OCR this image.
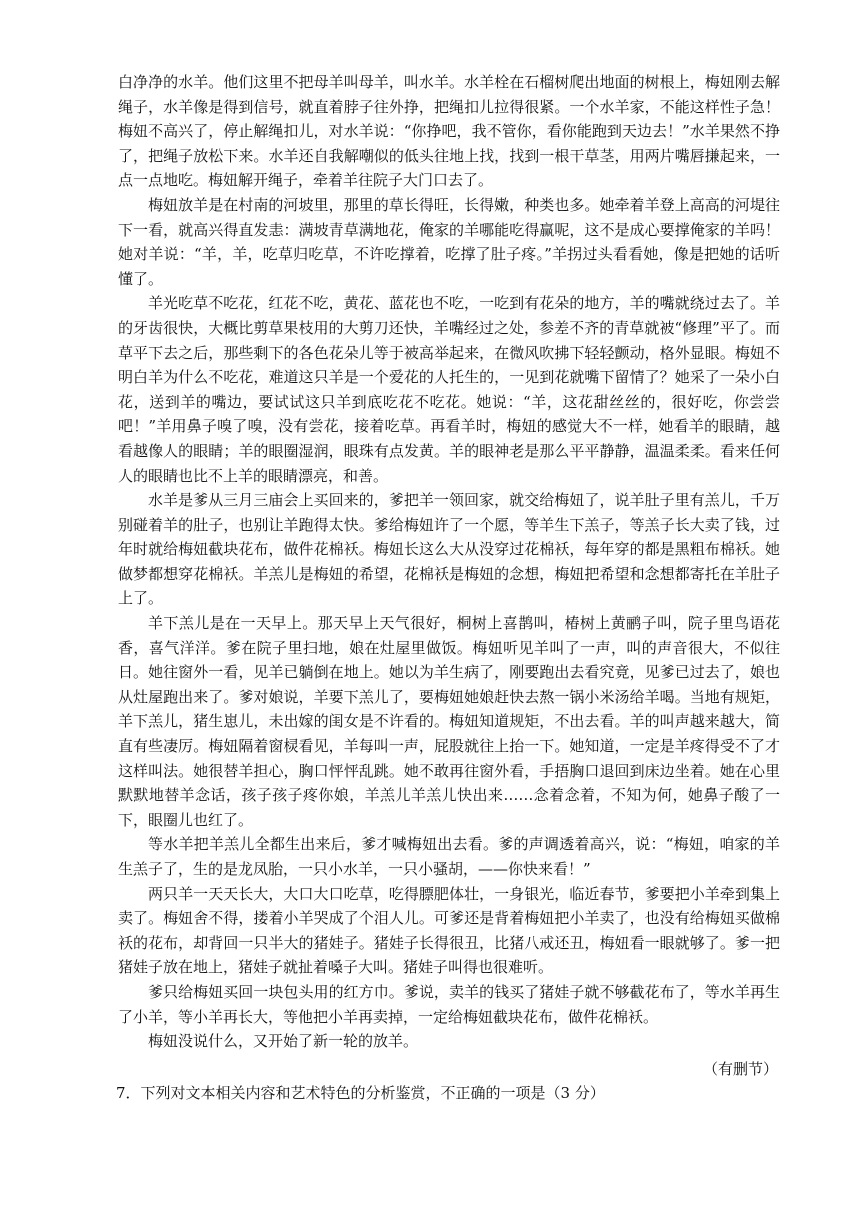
白净净的水羊。他们这里不把母羊叫母羊，叫水羊。水羊栓在石榴树爬出地面的树根上，梅妞刚去解绳子，水羊像是得到信号，就直着脖子往外挣，把绳扣儿拉得很紧。一个水羊家，不能这样性子急！梅妞不高兴了，停止解绳扣儿，对水羊说：“你挣吧，我不管你，看你能跑到天边去！”水羊果然不挣了，把绳子放松下来。水羊还自我解嘲似的低头往地上找，找到一根干草茎，用两片嘴唇搛起来，一点一点地吃。梅妞解开绳子，牵着羊往院子大门口去了。

梅妞放羊是在村南的河坡里，那里的草长得旺，长得嫩，种类也多。她牵着羊登上高高的河堤往下一看，就高兴得直发恚：满坡青草满地花，俺家的羊哪能吃得赢呢，这不是成心要撑俺家的羊吗！她对羊说：“羊，羊，吃草归吃草，不许吃撑着，吃撑了肚子疼。”羊拐过头看看她，像是把她的话听懂了。

羊光吃草不吃花，红花不吃，黄花、蓝花也不吃，一吃到有花朵的地方，羊的嘴就绕过去了。羊的牙齿很快，大概比剪草果枝用的大剪刀还快，羊嘴经过之处，参差不齐的青草就被“修理”平了。而草平下去之后，那些剩下的各色花朵儿等于被高举起来，在微风吹拂下轻轻颤动，格外显眼。梅妞不明白羊为什么不吃花，难道这只羊是一个爱花的人托生的，一见到花就嘴下留情了？她采了一朵小白花，送到羊的嘴边，要试试这只羊到底吃花不吃花。她说：“羊，这花甜丝丝的，很好吃，你尝尝吧！”羊用鼻子嗅了嗅，没有尝花，接着吃草。再看羊时，梅妞的感觉大不一样，她看羊的眼睛，越看越像人的眼睛；羊的眼圈湿润，眼珠有点发黄。羊的眼神老是那么平平静静，温温柔柔。看来任何人的眼睛也比不上羊的眼睛漂亮，和善。

水羊是爹从三月三庙会上买回来的，爹把羊一领回家，就交给梅妞了，说羊肚子里有羔儿，千万别碰着羊的肚子，也别让羊跑得太快。爹给梅妞许了一个愿，等羊生下羔子，等羔子长大卖了钱，过年时就给梅妞截块花布，做件花棉袄。梅妞长这么大从没穿过花棉袄，每年穿的都是黑粗布棉袄。她做梦都想穿花棉袄。羊羔儿是梅妞的希望，花棉袄是梅妞的念想，梅妞把希望和念想都寄托在羊肚子上了。

羊下羔儿是在一天早上。那天早上天气很好，桐树上喜鹊叫，椿树上黄鹂子叫，院子里鸟语花香，喜气洋洋。爹在院子里扫地，娘在灶屋里做饭。梅妞听见羊叫了一声，叫的声音很大，不似往日。她往窗外一看，见羊已躺倒在地上。她以为羊生病了，刚要跑出去看究竟，见爹已过去了，娘也从灶屋跑出来了。爹对娘说，羊要下羔儿了，要梅妞她娘赶快去熬一锅小米汤给羊喝。当地有规矩，羊下羔儿，猪生崽儿，未出嫁的闺女是不许看的。梅妞知道规矩，不出去看。羊的叫声越来越大，简直有些凄厉。梅妞隔着窗棂看见，羊每叫一声，屁股就往上抬一下。她知道，一定是羊疼得受不了才这样叫法。她很替羊担心，胸口怦怦乱跳。她不敢再往窗外看，手捂胸口退回到床边坐着。她在心里默默地替羊念话，孩子孩子疼你娘，羊羔儿羊羔儿快出来……念着念着，不知为何，她鼻子酸了一下，眼圈儿也红了。

等水羊把羊羔儿全都生出来后，爹才喊梅妞出去看。爹的声调透着高兴，说：“梅妞，咱家的羊生羔子了，生的是龙凤胎，一只小水羊，一只小骚胡，——你快来看！”

两只羊一天天长大，大口大口吃草，吃得膘肥体壮，一身银光，临近春节，爹要把小羊牵到集上卖了。梅妞舍不得，搂着小羊哭成了个泪人儿。可爹还是背着梅妞把小羊卖了，也没有给梅妞买做棉袄的花布，却背回一只半大的猪娃子。猪娃子长得很丑，比猪八戒还丑，梅妞看一眼就够了。爹一把猪娃子放在地上，猪娃子就扯着嗓子大叫。猪娃子叫得也很难听。

爹只给梅妞买回一块包头用的红方巾。爹说，卖羊的钱买了猪娃子就不够截花布了，等水羊再生了小羊，等小羊再长大，等他把小羊再卖掉，一定给梅妞截块花布，做件花棉袄。

梅妞没说什么，又开始了新一轮的放羊。

（有删节）

7．下列对文本相关内容和艺术特色的分析鉴赏，不正确的一项是（3 分）
